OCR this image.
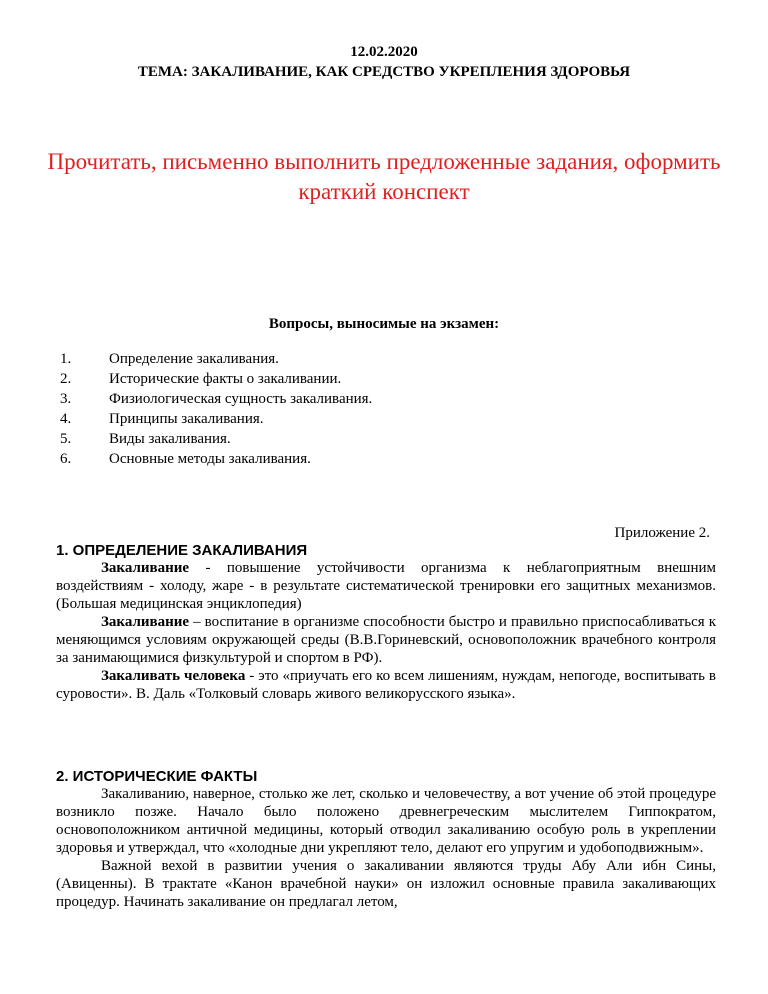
12.02.2020
ТЕМА: ЗАКАЛИВАНИЕ, КАК СРЕДСТВО УКРЕПЛЕНИЯ ЗДОРОВЬЯ
Прочитать, письменно выполнить предложенные задания, оформить краткий конспект
Вопросы, выносимые на экзамен:
1.	Определение закаливания.
2.	Исторические факты о закаливании.
3.	Физиологическая сущность закаливания.
4.	Принципы закаливания.
5.	Виды закаливания.
6.	Основные методы закаливания.
Приложение 2.

1. ОПРЕДЕЛЕНИЕ ЗАКАЛИВАНИЯ

Закаливание - повышение устойчивости организма к неблагоприятным внешним воздействиям - холоду, жаре - в результате систематической тренировки его защитных механизмов. (Большая медицинская энциклопедия)

Закаливание – воспитание в организме способности быстро и правильно приспосабливаться к меняющимся условиям окружающей среды (В.В.Гориневский, основоположник врачебного контроля за занимающимися физкультурой и спортом в РФ).

Закаливать человека - это «приучать его ко всем лишениям, нуждам, непогоде, воспитывать в суровости». В. Даль «Толковый словарь живого великорусского языка».

2. ИСТОРИЧЕСКИЕ ФАКТЫ

Закаливанию, наверное, столько же лет, сколько и человечеству, а вот учение об этой процедуре возникло позже. Начало было положено древнегреческим мыслителем Гиппократом, основоположником античной медицины, который отводил закаливанию особую роль в укреплении здоровья и утверждал, что «холодные дни укрепляют тело, делают его упругим и удобоподвижным».

Важной вехой в развитии учения о закаливании являются труды Абу Али ибн Сины, (Авиценны). В трактате «Канон врачебной науки» он изложил основные правила закаливающих процедур. Начинать закаливание он предлагал летом,
